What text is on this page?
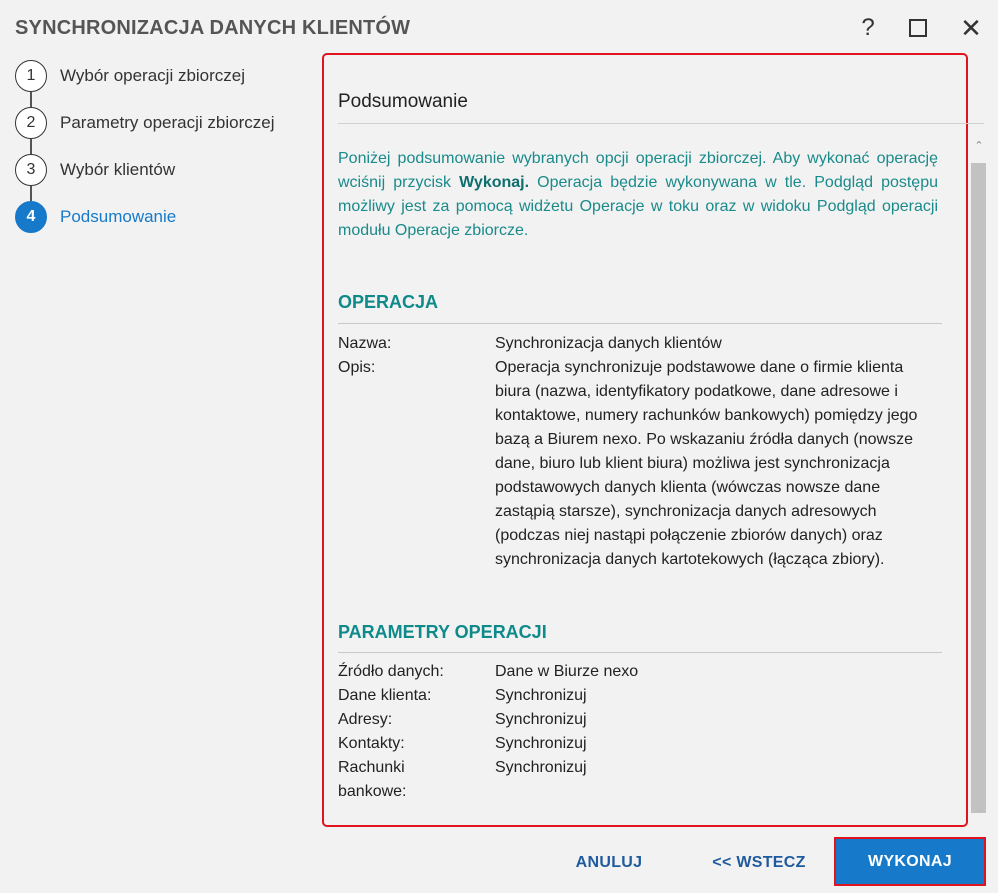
SYNCHRONIZACJA DANYCH KLIENTÓW	?	✕
1	Wybór operacji zbiorczej
2	Parametry operacji zbiorczej
3	Wybór klientów
4	Podsumowanie
Podsumowanie
Poniżej podsumowanie wybranych opcji operacji zbiorczej. Aby wykonać operację wciśnij przycisk Wykonaj. Operacja będzie wykonywana w tle. Podgląd postępu możliwy jest za pomocą widżetu Operacje w toku oraz w widoku Podgląd operacji modułu Operacje zbiorcze.
OPERACJA
Nazwa:	Synchronizacja danych klientów
Opis:	Operacja synchronizuje podstawowe dane o firmie klienta biura (nazwa, identyfikatory podatkowe, dane adresowe i kontaktowe, numery rachunków bankowych) pomiędzy jego bazą a Biurem nexo. Po wskazaniu źródła danych (nowsze dane, biuro lub klient biura) możliwa jest synchronizacja podstawowych danych klienta (wówczas nowsze dane zastąpią starsze), synchronizacja danych adresowych (podczas niej nastąpi połączenie zbiorów danych) oraz synchronizacja danych kartotekowych (łącząca zbiory).
PARAMETRY OPERACJI
Źródło danych:	Dane w Biurze nexo
Dane klienta:	Synchronizuj
Adresy:	Synchronizuj
Kontakty:	Synchronizuj
Rachunki bankowe:
Synchronizuj
⌃
⌄
ANULUJ	<< WSTECZ	WYKONAJ
